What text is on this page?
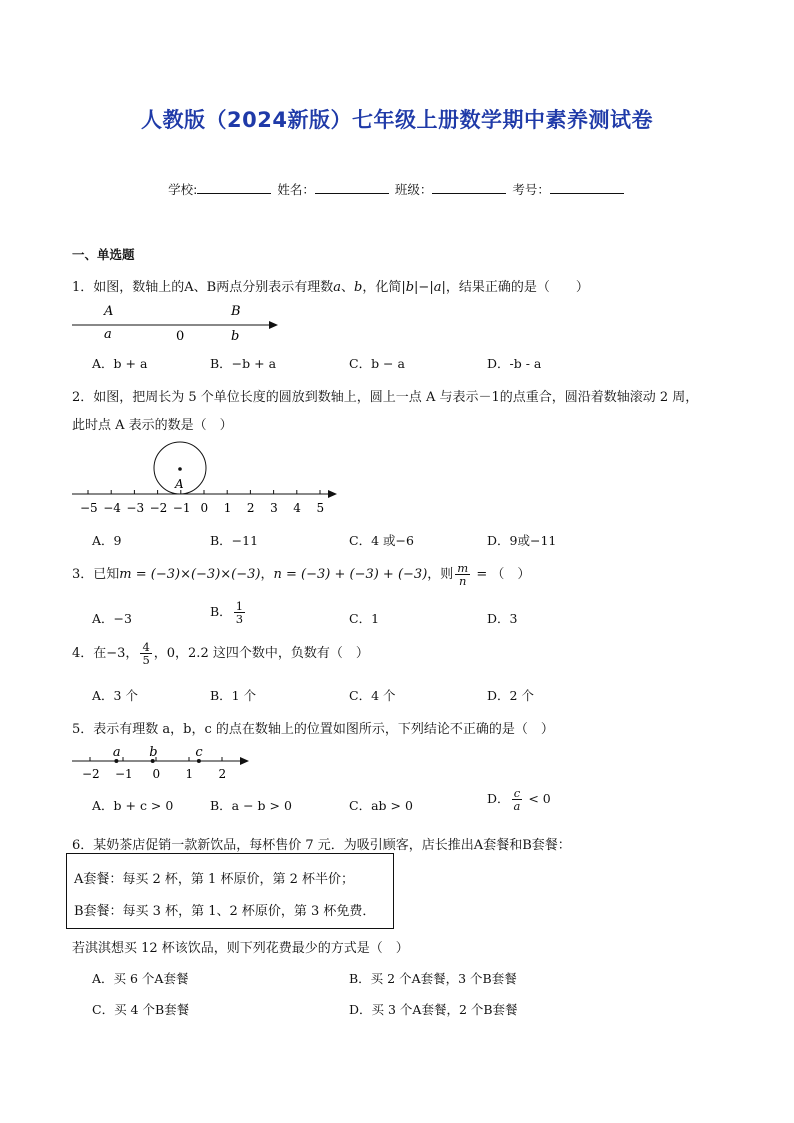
人教版（2024新版）七年级上册数学期中素养测试卷
学校:	姓名：	班级：	考号：
一、单选题
1．如图，数轴上的A、B两点分别表示有理数a、b，化简|b|−|a|，结果正确的是（　　）
A	B
a	0	b
A．b + a	B．−b + a	C．b − a	D．-b - a
2．如图，把周长为 5 个单位长度的圆放到数轴上，圆上一点 A 与表示－1的点重合，圆沿着数轴滚动 2 周，
此时点 A 表示的数是（　）
A
−5 −4 −3 −2 −1 0 1 2 3 4 5
A．9	B．−11	C．4 或−6	D．9或−11
3．已知m = (−3)×(−3)×(−3)，n = (−3) + (−3) + (−3)，则 $\frac{m}{n}$ = （　）
A．−3	B． $\frac{1}{3}$	C．1	D．3
4．在−3， $\frac{4}{5}$ ，0，2.2 这四个数中，负数有（　）
A．3 个	B．1 个	C．4 个	D．2 个
5．表示有理数 a，b，c 的点在数轴上的位置如图所示，下列结论不正确的是（　）
−2 −1 0 1 2
a b	c
A．b + c > 0	B．a − b > 0	C．ab > 0	D． $\frac{c}{a} < 0$
6．某奶茶店促销一款新饮品，每杯售价 7 元．为吸引顾客，店长推出A套餐和B套餐：
A套餐：每买 2 杯，第 1 杯原价，第 2 杯半价；
B套餐：每买 3 杯，第 1、2 杯原价，第 3 杯免费．
若淇淇想买 12 杯该饮品，则下列花费最少的方式是（　）
A．买 6 个A套餐	B．买 2 个A套餐，3 个B套餐
C．买 4 个B套餐	D．买 3 个A套餐，2 个B套餐
